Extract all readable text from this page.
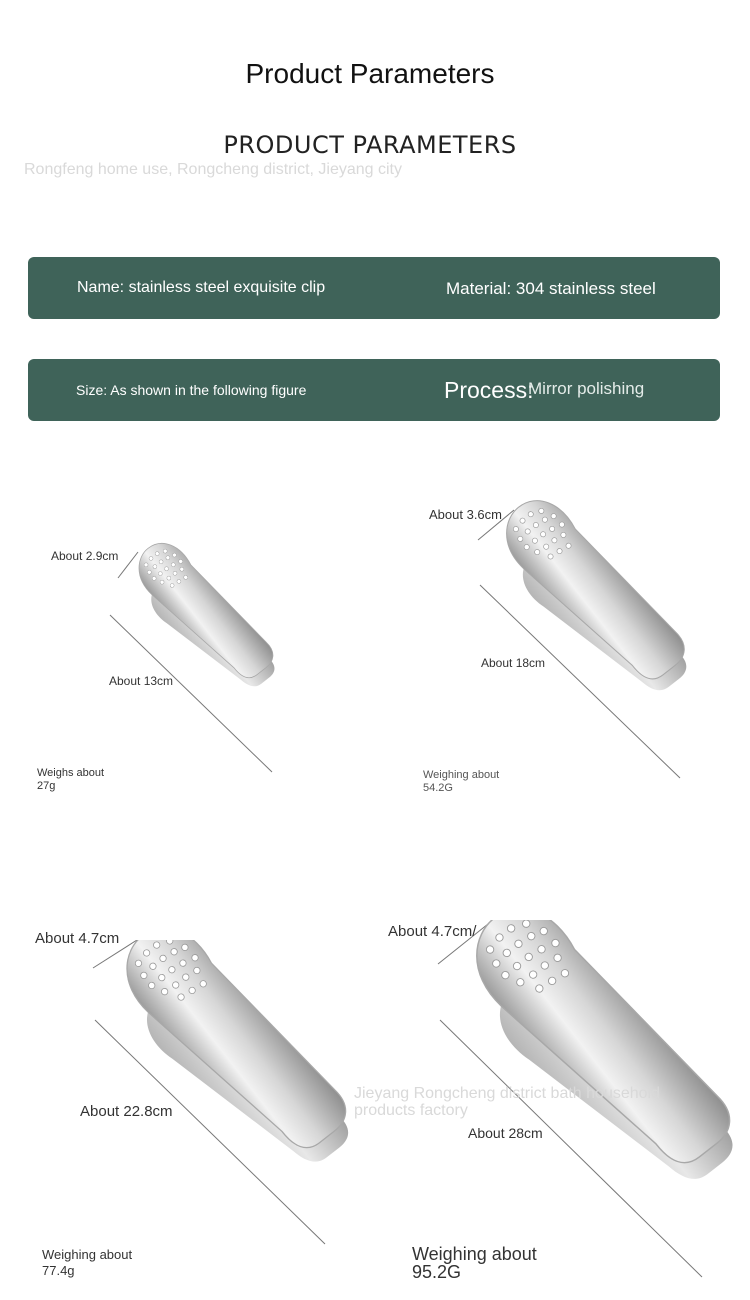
Product Parameters
PRODUCT PARAMETERS
Rongfeng home use, Rongcheng district, Jieyang city
Name: stainless steel exquisite clip	Material: 304 stainless steel
Size: As shown in the following figure	Process:
Mirror polishing
About 2.9cm
About 13cm
Weighs about
27g
About 3.6cm
About 18cm
Weighing about
54.2G
About 4.7cm
About 22.8cm
Weighing about
77.4g
About 4.7cm/
Jieyang Rongcheng district bath household products factory
About 28cm
Weighing about
95.2G
